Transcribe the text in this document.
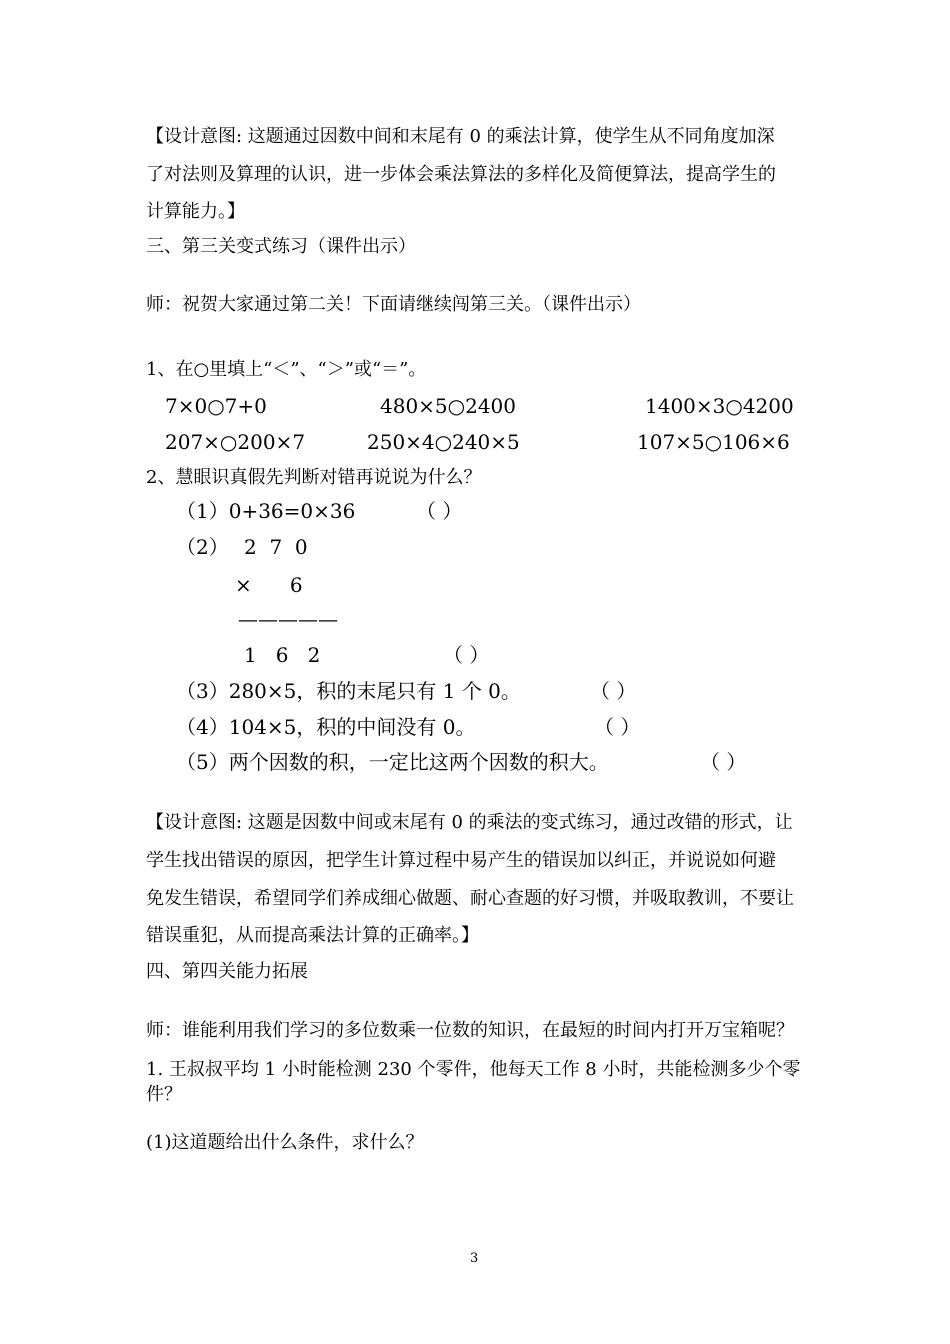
【设计意图: 这题通过因数中间和末尾有 0 的乘法计算，使学生从不同角度加深
了对法则及算理的认识，进一步体会乘法算法的多样化及简便算法，提高学生的
计算能力。】
三、第三关变式练习（课件出示）
师：祝贺大家通过第二关！下面请继续闯第三关。（课件出示）
1、在○里填上“＜”、“＞”或“＝”。
7×0○7+0	480×5○2400	1400×3○4200
207×○200×7	250×4○240×5	107×5○106×6
2、慧眼识真假先判断对错再说说为什么？
（1）0+36=0×36	（ ）
（2） 2  7  0
×      6
—————
1   6   2	（ ）
（3）280×5，积的末尾只有 1 个 0。	（ ）
（4）104×5，积的中间没有 0。	（ ）
（5）两个因数的积，一定比这两个因数的积大。	（ ）
【设计意图: 这题是因数中间或末尾有 0 的乘法的变式练习，通过改错的形式，让
学生找出错误的原因，把学生计算过程中易产生的错误加以纠正，并说说如何避
免发生错误，希望同学们养成细心做题、耐心查题的好习惯，并吸取教训，不要让
错误重犯，从而提高乘法计算的正确率。】
四、第四关能力拓展
师：谁能利用我们学习的多位数乘一位数的知识，在最短的时间内打开万宝箱呢？
1. 王叔叔平均 1 小时能检测 230 个零件，他每天工作 8 小时，共能检测多少个零
件？
(1)这道题给出什么条件，求什么？
3
